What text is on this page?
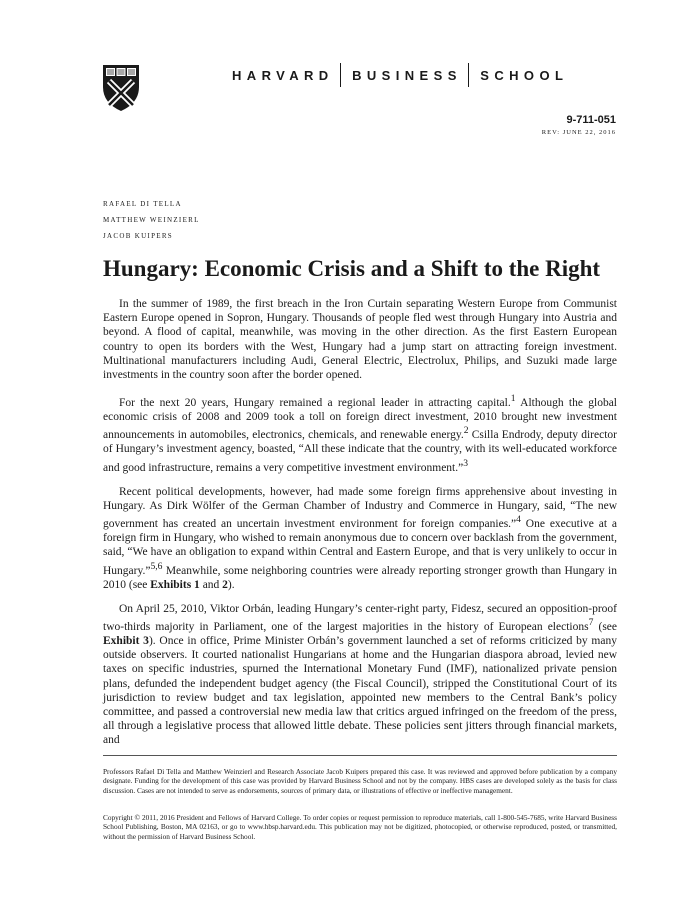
HARVARD BUSINESS SCHOOL
9-711-051
REV: JUNE 22, 2016
RAFAEL DI TELLA
MATTHEW WEINZIERL
JACOB KUIPERS
Hungary: Economic Crisis and a Shift to the Right

In the summer of 1989, the first breach in the Iron Curtain separating Western Europe from Communist Eastern Europe opened in Sopron, Hungary. Thousands of people fled west through Hungary into Austria and beyond. A flood of capital, meanwhile, was moving in the other direction. As the first Eastern European country to open its borders with the West, Hungary had a jump start on attracting foreign investment. Multinational manufacturers including Audi, General Electric, Electrolux, Philips, and Suzuki made large investments in the country soon after the border opened.

For the next 20 years, Hungary remained a regional leader in attracting capital.$^1$ Although the global economic crisis of 2008 and 2009 took a toll on foreign direct investment, 2010 brought new investment announcements in automobiles, electronics, chemicals, and renewable energy.$^2$ Csilla Endrody, deputy director of Hungary’s investment agency, boasted, “All these indicate that the country, with its well-educated workforce and good infrastructure, remains a very competitive investment environment.”$^3$

Recent political developments, however, had made some foreign firms apprehensive about investing in Hungary. As Dirk Wölfer of the German Chamber of Industry and Commerce in Hungary, said, “The new government has created an uncertain investment environment for foreign companies.”$^4$ One executive at a foreign firm in Hungary, who wished to remain anonymous due to concern over backlash from the government, said, “We have an obligation to expand within Central and Eastern Europe, and that is very unlikely to occur in Hungary.”$^{5,6}$ Meanwhile, some neighboring countries were already reporting stronger growth than Hungary in 2010 (see Exhibits 1 and 2).

On April 25, 2010, Viktor Orbán, leading Hungary’s center-right party, Fidesz, secured an opposition-proof two-thirds majority in Parliament, one of the largest majorities in the history of European elections$^7$ (see Exhibit 3). Once in office, Prime Minister Orbán’s government launched a set of reforms criticized by many outside observers. It courted nationalist Hungarians at home and the Hungarian diaspora abroad, levied new taxes on specific industries, spurned the International Monetary Fund (IMF), nationalized private pension plans, defunded the independent budget agency (the Fiscal Council), stripped the Constitutional Court of its jurisdiction to review budget and tax legislation, appointed new members to the Central Bank’s policy committee, and passed a controversial new media law that critics argued infringed on the freedom of the press, all through a legislative process that allowed little debate. These policies sent jitters through financial markets, and

Professors Rafael Di Tella and Matthew Weinzierl and Research Associate Jacob Kuipers prepared this case. It was reviewed and approved before publication by a company designate. Funding for the development of this case was provided by Harvard Business School and not by the company. HBS cases are developed solely as the basis for class discussion. Cases are not intended to serve as endorsements, sources of primary data, or illustrations of effective or ineffective management.
Copyright © 2011, 2016 President and Fellows of Harvard College. To order copies or request permission to reproduce materials, call 1-800-545-7685, write Harvard Business School Publishing, Boston, MA 02163, or go to www.hbsp.harvard.edu. This publication may not be digitized, photocopied, or otherwise reproduced, posted, or transmitted, without the permission of Harvard Business School.
